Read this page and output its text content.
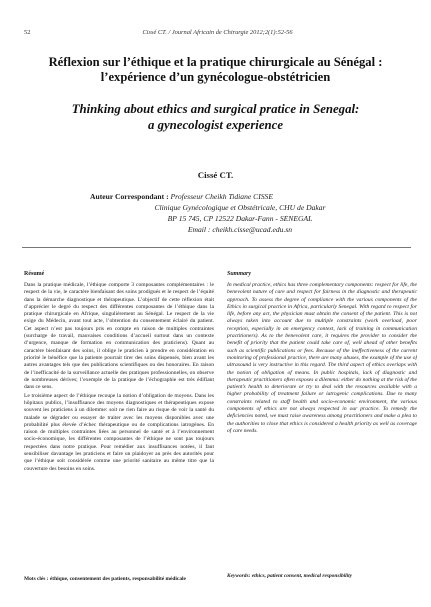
52	Cissé CT. / Journal Africain de Chirurgie 2012;2(1):52-56
Réflexion sur l’éthique et la pratique chirurgicale au Sénégal :
l’expérience d’un gynécologue-obstétricien
Thinking about ethics and surgical pratice in Senegal:
a gynecologist experience
Cissé CT.
Auteur Correspondant : Professeur Cheikh Tidiane CISSE
Clinique Gynécologique et Obstétricale, CHU de Dakar
BP 15 745, CP 12522 Dakar-Fann - SENEGAL
Email : cheikh.cisse@ucad.edu.sn
Résumé	Summary

Dans la pratique médicale, l’éthique comporte 3 composantes complémentaires : le respect de la vie, le caractère bienfaisant des soins prodigués et le respect de l’équité dans la démarche diagnostique et thérapeutique. L’objectif de cette réflexion était d’apprécier le degré du respect des différentes composantes de l’éthique dans la pratique chirurgicale en Afrique, singulièrement au Sénégal. Le respect de la vie exige du Médecin, avant tout acte, l’obtention du consentement éclairé du patient. Cet aspect n’est pas toujours pris en compte en raison de multiples contraintes (surcharge de travail, mauvaises conditions d’accueil surtout dans un contexte d’urgence, manque de formation en communication des praticiens). Quant au caractère bienfaisant des soins, il oblige le praticien à prendre en considération en priorité le bénéfice que la patiente pourrait tirer des soins dispensés, bien avant les autres avantages tels que des publications scientifiques ou des honoraires. En raison de l’inefficacité de la surveillance actuelle des pratiques professionnelles, on observe de nombreuses dérives; l’exemple de la pratique de l’échographie est très édifiant dans ce sens.

Le troisième aspect de l’éthique recoupe la notion d’obligation de moyens. Dans les hôpitaux publics, l’insuffisance des moyens diagnostiques et thérapeutiques expose souvent les praticiens à un dilemme: soit ne rien faire au risque de voir la santé du malade se dégrader ou essayer de traiter avec les moyens disponibles avec une probabilité plus élevée d’échec thérapeutique ou de complications iatrogènes. En raison de multiples contraintes liées au personnel de santé et à l’environnement socio-économique, les différentes composantes de l’éthique ne sont pas toujours respectées dans notre pratique. Pour remédier aux insuffisances notées, il faut sensibiliser davantage les praticiens et faire un plaidoyer au près des autorités pour que l’éthique soit considérée comme une priorité sanitaire au même titre que la couverture des besoins en soins.

In medical practice, ethics has three complementary components: respect for life, the benevolent nature of care and respect for fairness in the diagnostic and therapeutic approach. To assess the degree of compliance with the various components of the Ethics in surgical practice in Africa, particularly Senegal. With regard to respect for life, before any act, the physician must obtain the consent of the patient. This is not always taken into account due to multiple constraints (work overload, poor reception, especially in an emergency context, lack of training in communication practitioners). As to the benevolent care, it requires the provider to consider the benefit of priority that the patient could take care of, well ahead of other benefits such as scientific publications or fees. Because of the ineffectiveness of the current monitoring of professional practice, there are many abuses, the example of the use of ultrasound is very instructive in this regard. The third aspect of ethics overlaps with the notion of obligation of means. In public hospitals, lack of diagnostic and therapeutic practitioners often exposes a dilemma: either do nothing at the risk of the patient’s health to deteriorate or try to deal with the resources available with a higher probability of treatment failure or iatrogenic complications. Due to many constraints related to staff health and socio-economic environment, the various components of ethics are not always respected in our practice. To remedy the deficiencies noted, we must raise awareness among practitioners and make a plea to the authorities to close that ethics is considered a health priority as well as coverage of care needs.

Mots clés : éthique, consentement des patients, responsabilité médicale	Keywords: ethics, patient consent, medical responsibility
